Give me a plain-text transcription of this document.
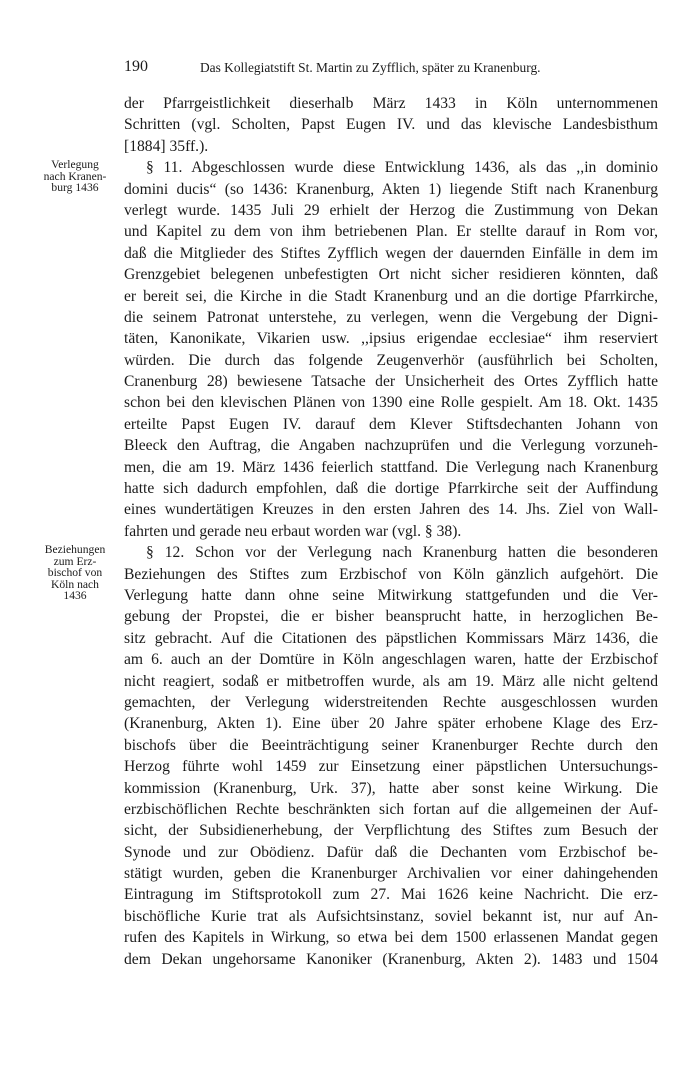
190	Das Kollegiatstift St. Martin zu Zyfflich, später zu Kranenburg.
Verlegung
nach Kranen-
burg 1436
Beziehungen
zum Erz-
bischof von
Köln nach
1436
der Pfarrgeistlichkeit dieserhalb März 1433 in Köln unternommenen
Schritten (vgl. Scholten, Papst Eugen IV. und das klevische Landesbisthum
[1884] 35ff.).
§ 11. Abgeschlossen wurde diese Entwicklung 1436, als das ,,in dominio
domini ducis“ (so 1436: Kranenburg, Akten 1) liegende Stift nach Kranenburg
verlegt wurde. 1435 Juli 29 erhielt der Herzog die Zustimmung von Dekan
und Kapitel zu dem von ihm betriebenen Plan. Er stellte darauf in Rom vor,
daß die Mitglieder des Stiftes Zyfflich wegen der dauernden Einfälle in dem im
Grenzgebiet belegenen unbefestigten Ort nicht sicher residieren könnten, daß
er bereit sei, die Kirche in die Stadt Kranenburg und an die dortige Pfarrkirche,
die seinem Patronat unterstehe, zu verlegen, wenn die Vergebung der Digni-
täten, Kanonikate, Vikarien usw. ,,ipsius erigendae ecclesiae“ ihm reserviert
würden. Die durch das folgende Zeugenverhör (ausführlich bei Scholten,
Cranenburg 28) bewiesene Tatsache der Unsicherheit des Ortes Zyfflich hatte
schon bei den klevischen Plänen von 1390 eine Rolle gespielt. Am 18. Okt. 1435
erteilte Papst Eugen IV. darauf dem Klever Stiftsdechanten Johann von
Bleeck den Auftrag, die Angaben nachzuprüfen und die Verlegung vorzuneh-
men, die am 19. März 1436 feierlich stattfand. Die Verlegung nach Kranenburg
hatte sich dadurch empfohlen, daß die dortige Pfarrkirche seit der Auffindung
eines wundertätigen Kreuzes in den ersten Jahren des 14. Jhs. Ziel von Wall-
fahrten und gerade neu erbaut worden war (vgl. § 38).
§ 12. Schon vor der Verlegung nach Kranenburg hatten die besonderen
Beziehungen des Stiftes zum Erzbischof von Köln gänzlich aufgehört. Die
Verlegung hatte dann ohne seine Mitwirkung stattgefunden und die Ver-
gebung der Propstei, die er bisher beansprucht hatte, in herzoglichen Be-
sitz gebracht. Auf die Citationen des päpstlichen Kommissars März 1436, die
am 6. auch an der Domtüre in Köln angeschlagen waren, hatte der Erzbischof
nicht reagiert, sodaß er mitbetroffen wurde, als am 19. März alle nicht geltend
gemachten, der Verlegung widerstreitenden Rechte ausgeschlossen wurden
(Kranenburg, Akten 1). Eine über 20 Jahre später erhobene Klage des Erz-
bischofs über die Beeinträchtigung seiner Kranenburger Rechte durch den
Herzog führte wohl 1459 zur Einsetzung einer päpstlichen Untersuchungs-
kommission (Kranenburg, Urk. 37), hatte aber sonst keine Wirkung. Die
erzbischöflichen Rechte beschränkten sich fortan auf die allgemeinen der Auf-
sicht, der Subsidienerhebung, der Verpflichtung des Stiftes zum Besuch der
Synode und zur Obödienz. Dafür daß die Dechanten vom Erzbischof be-
stätigt wurden, geben die Kranenburger Archivalien vor einer dahingehenden
Eintragung im Stiftsprotokoll zum 27. Mai 1626 keine Nachricht. Die erz-
bischöfliche Kurie trat als Aufsichtsinstanz, soviel bekannt ist, nur auf An-
rufen des Kapitels in Wirkung, so etwa bei dem 1500 erlassenen Mandat gegen
dem Dekan ungehorsame Kanoniker (Kranenburg, Akten 2). 1483 und 1504
